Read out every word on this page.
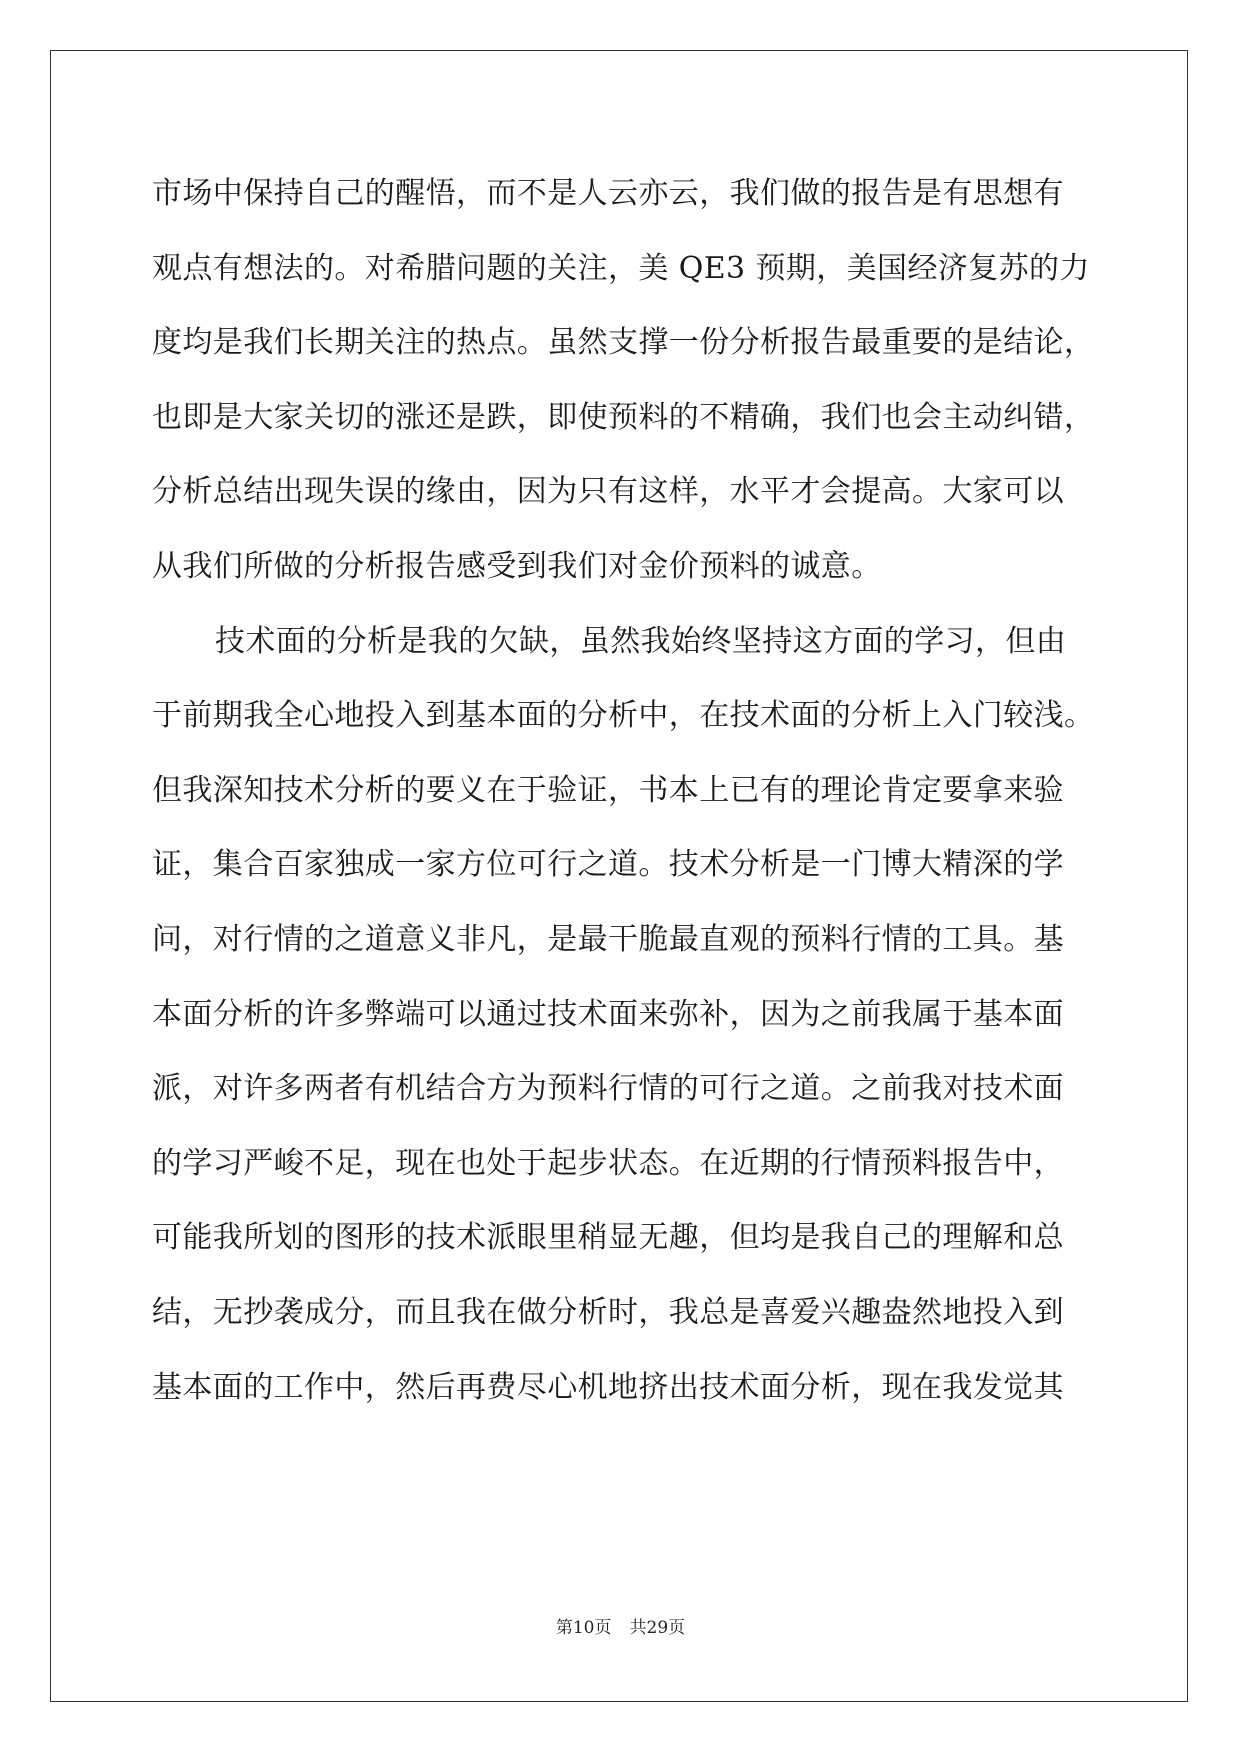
市场中保持自己的醒悟，而不是人云亦云，我们做的报告是有思想有
观点有想法的。对希腊问题的关注，美 QE3 预期，美国经济复苏的力
度均是我们长期关注的热点。虽然支撑一份分析报告最重要的是结论，
也即是大家关切的涨还是跌，即使预料的不精确，我们也会主动纠错，
分析总结出现失误的缘由，因为只有这样，水平才会提高。大家可以
从我们所做的分析报告感受到我们对金价预料的诚意。
技术面的分析是我的欠缺，虽然我始终坚持这方面的学习，但由
于前期我全心地投入到基本面的分析中，在技术面的分析上入门较浅。
但我深知技术分析的要义在于验证，书本上已有的理论肯定要拿来验
证，集合百家独成一家方位可行之道。技术分析是一门博大精深的学
问，对行情的之道意义非凡，是最干脆最直观的预料行情的工具。基
本面分析的许多弊端可以通过技术面来弥补，因为之前我属于基本面
派，对许多两者有机结合方为预料行情的可行之道。之前我对技术面
的学习严峻不足，现在也处于起步状态。在近期的行情预料报告中，
可能我所划的图形的技术派眼里稍显无趣，但均是我自己的理解和总
结，无抄袭成分，而且我在做分析时，我总是喜爱兴趣盎然地投入到
基本面的工作中，然后再费尽心机地挤出技术面分析，现在我发觉其
第10页 共29页
